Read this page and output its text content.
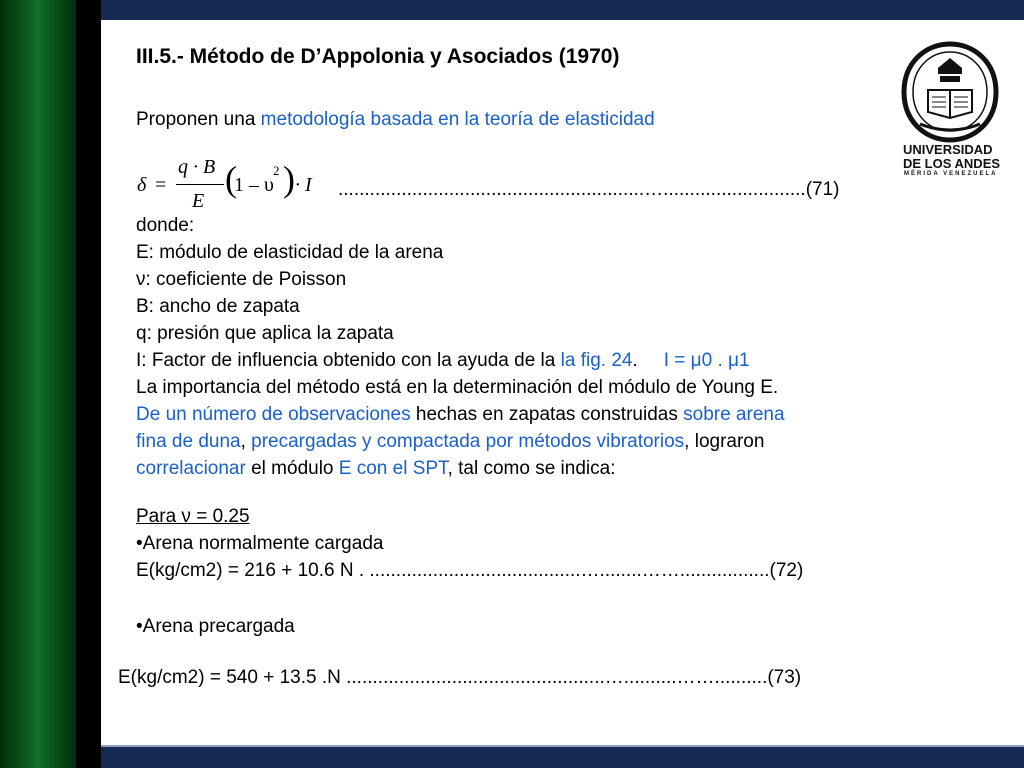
III.5.- Método de D’Appolonia y Asociados (1970)
Proponen una metodología basada en la teoría de elasticidad
δ =
q · B
E
(
1 – υ
2 ) · I ..........................................................…...........................(71)
donde:
E: módulo de elasticidad de la arena
ν: coeficiente de Poisson
B: ancho de zapata
q: presión que aplica la zapata
I: Factor de influencia obtenido con la ayuda de la la fig. 24. I = μ0 . μ1
La importancia del método está en la determinación del módulo de Young E.
De un número de observaciones hechas en zapatas construidas sobre arena
fina de duna, precargadas y compactada por métodos vibratorios, lograron
correlacionar el módulo E con el SPT, tal como se indica:
Para ν = 0.25
•Arena normalmente cargada
E(kg/cm2) = 216 + 10.6 N . ........................................…........…….................(72)
•Arena precargada
E(kg/cm2) = 540 + 13.5 .N .................................................…..........……..........(73)
UNIVERSIDAD
DE LOS ANDES
MÉRIDA VENEZUELA
